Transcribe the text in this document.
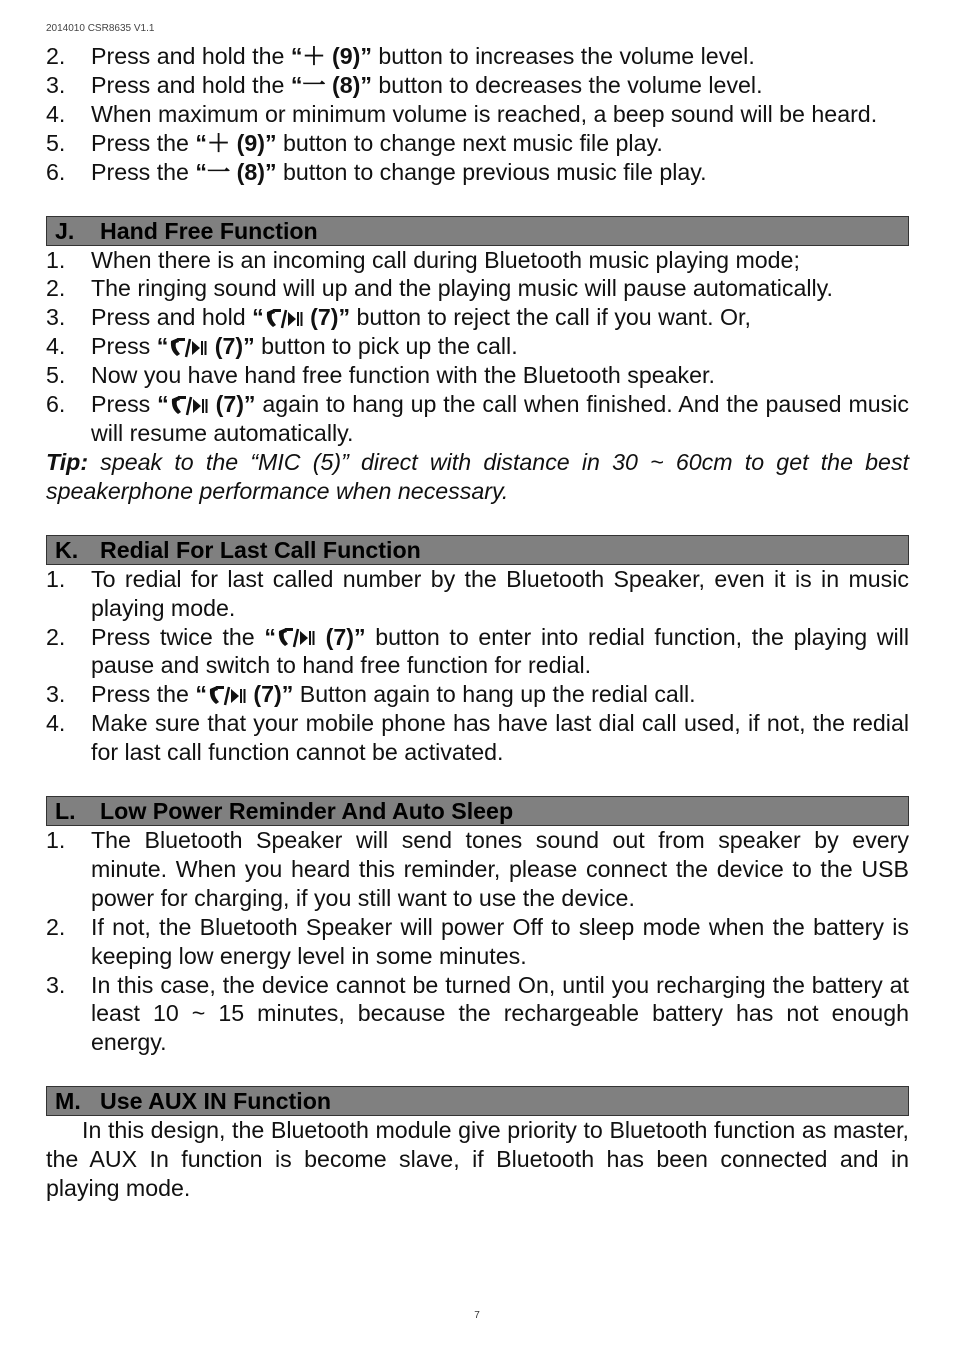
2014010 CSR8635 V1.1
2.	Press and hold the “＋ (9)” button to increases the volume level.
3.	Press and hold the “一 (8)” button to decreases the volume level.
4.	When maximum or minimum volume is reached, a beep sound will be heard.
5.	Press the “＋ (9)” button to change next music file play.
6.	Press the “一 (8)” button to change previous music file play.
J.	Hand Free Function
1.	When there is an incoming call during Bluetooth music playing mode;
2.	The ringing sound will up and the playing music will pause automatically.
3.	Press and hold “ (7)” button to reject the call if you want. Or,
4.	Press “ (7)” button to pick up the call.
5.	Now you have hand free function with the Bluetooth speaker.
6.	Press “ (7)” again to hang up the call when finished. And the paused music will resume automatically.

Tip: speak to the “MIC (5)” direct with distance in 30 ~ 60cm to get the best speakerphone performance when necessary.

K. Redial For Last Call Function
1.	To redial for last called number by the Bluetooth Speaker, even it is in music playing mode.
2.	Press twice the “ (7)” button to enter into redial function, the playing will pause and switch to hand free function for redial.
3.	Press the “ (7)” Button again to hang up the redial call.
4.	Make sure that your mobile phone has have last dial call used, if not, the redial for last call function cannot be activated.
L.	Low Power Reminder And Auto Sleep
1.	The Bluetooth Speaker will send tones sound out from speaker by every minute. When you heard this reminder, please connect the device to the USB power for charging, if you still want to use the device.
2.	If not, the Bluetooth Speaker will power Off to sleep mode when the battery is keeping low energy level in some minutes.
3.	In this case, the device cannot be turned On, until you recharging the battery at least 10 ~ 15 minutes, because the rechargeable battery has not enough energy.
M. Use AUX IN Function

In this design, the Bluetooth module give priority to Bluetooth function as master, the AUX In function is become slave, if Bluetooth has been connected and in playing mode.

7
